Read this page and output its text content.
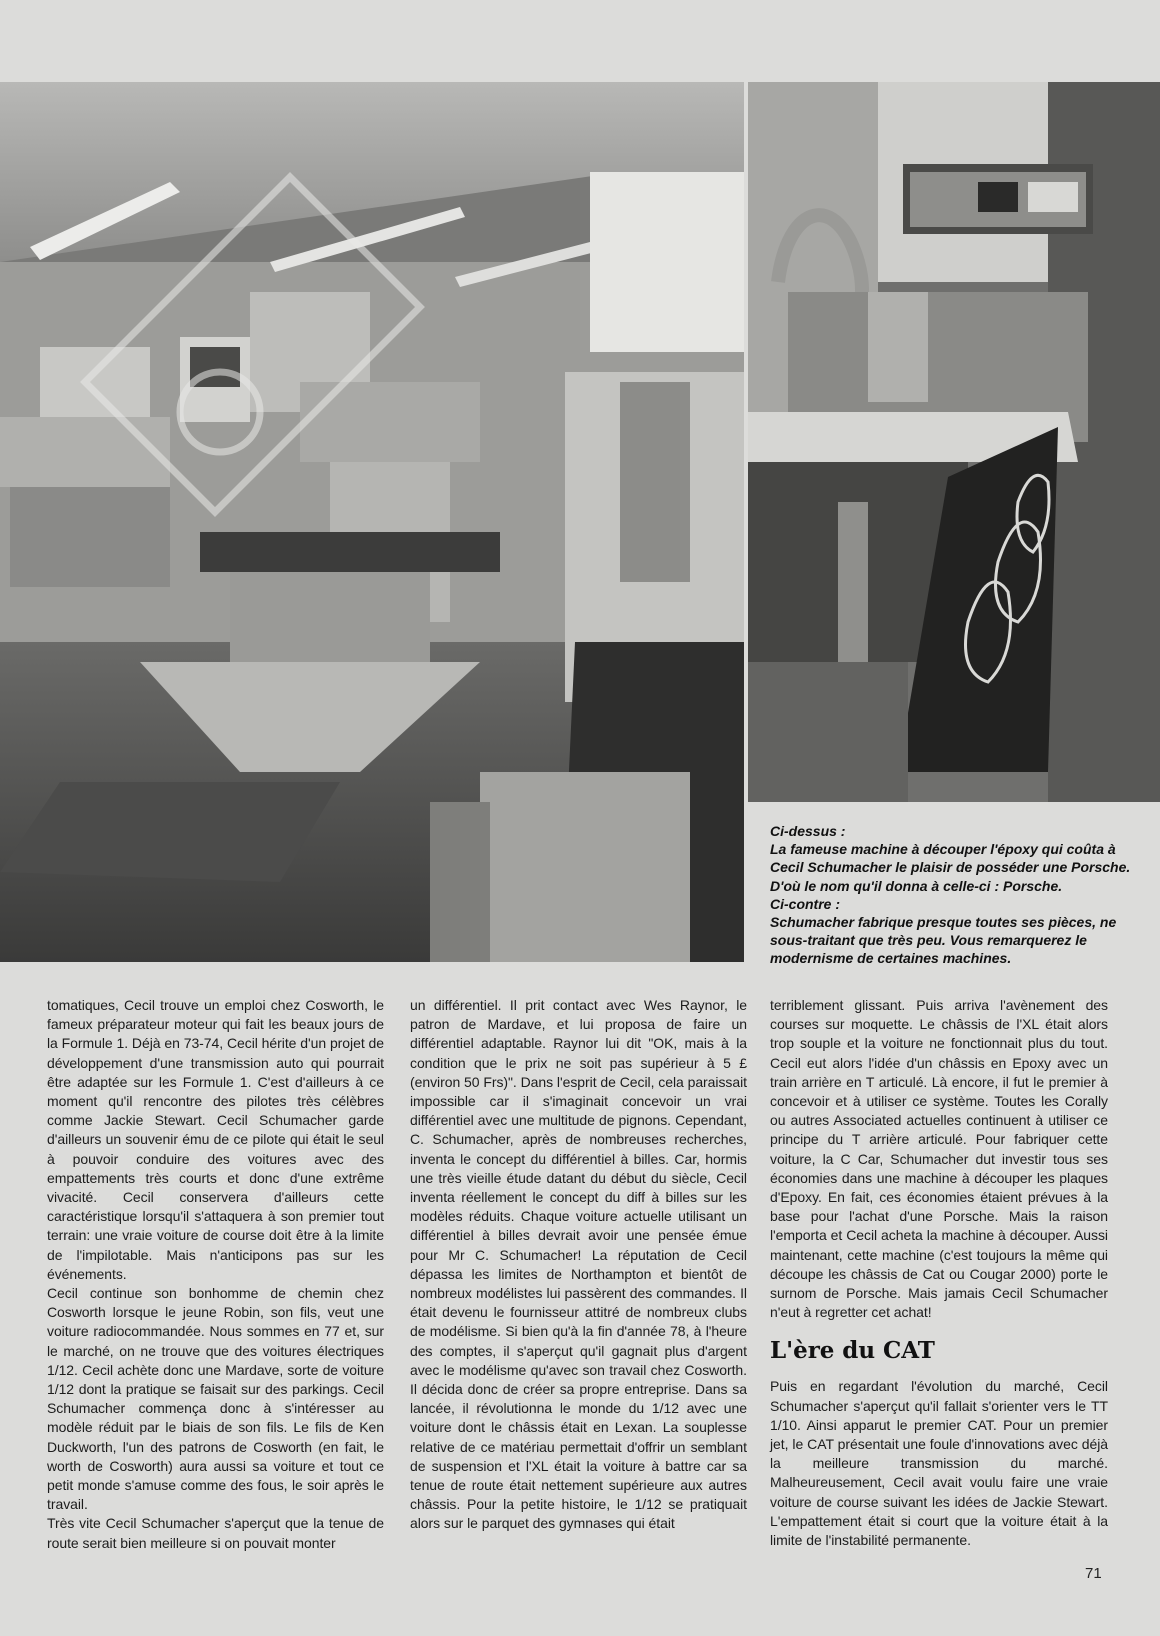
Ci-dessus :

La fameuse machine à découper l'époxy qui coûta à Cecil Schumacher le plaisir de posséder une Porsche. D'où le nom qu'il donna à celle-ci : Porsche.

Ci-contre :

Schumacher fabrique presque toutes ses pièces, ne sous-traitant que très peu. Vous remarquerez le modernisme de certaines machines.

tomatiques, Cecil trouve un emploi chez Cosworth, le fameux préparateur moteur qui fait les beaux jours de la Formule 1. Déjà en 73-74, Cecil hérite d'un projet de développement d'une transmission auto qui pourrait être adaptée sur les Formule 1. C'est d'ailleurs à ce moment qu'il rencontre des pilotes très célèbres comme Jackie Stewart. Cecil Schumacher garde d'ailleurs un souvenir ému de ce pilote qui était le seul à pouvoir conduire des voitures avec des empattements très courts et donc d'une extrême vivacité. Cecil conservera d'ailleurs cette caractéristique lorsqu'il s'attaquera à son premier tout terrain: une vraie voiture de course doit être à la limite de l'impilotable. Mais n'anticipons pas sur les événements.

Cecil continue son bonhomme de chemin chez Cosworth lorsque le jeune Robin, son fils, veut une voiture radiocommandée. Nous sommes en 77 et, sur le marché, on ne trouve que des voitures électriques 1/12. Cecil achète donc une Mardave, sorte de voiture 1/12 dont la pratique se faisait sur des parkings. Cecil Schumacher commença donc à s'intéresser au modèle réduit par le biais de son fils. Le fils de Ken Duckworth, l'un des patrons de Cosworth (en fait, le worth de Cosworth) aura aussi sa voiture et tout ce petit monde s'amuse comme des fous, le soir après le travail.

Très vite Cecil Schumacher s'aperçut que la tenue de route serait bien meilleure si on pouvait monter

un différentiel. Il prit contact avec Wes Raynor, le patron de Mardave, et lui proposa de faire un différentiel adaptable. Raynor lui dit "OK, mais à la condition que le prix ne soit pas supérieur à 5 £ (environ 50 Frs)". Dans l'esprit de Cecil, cela paraissait impossible car il s'imaginait concevoir un vrai différentiel avec une multitude de pignons. Cependant, C. Schumacher, après de nombreuses recherches, inventa le concept du différentiel à billes. Car, hormis une très vieille étude datant du début du siècle, Cecil inventa réellement le concept du diff à billes sur les modèles réduits. Chaque voiture actuelle utilisant un différentiel à billes devrait avoir une pensée émue pour Mr C. Schumacher! La réputation de Cecil dépassa les limites de Northampton et bientôt de nombreux modélistes lui passèrent des commandes. Il était devenu le fournisseur attitré de nombreux clubs de modélisme. Si bien qu'à la fin d'année 78, à l'heure des comptes, il s'aperçut qu'il gagnait plus d'argent avec le modélisme qu'avec son travail chez Cosworth. Il décida donc de créer sa propre entreprise. Dans sa lancée, il révolutionna le monde du 1/12 avec une voiture dont le châssis était en Lexan. La souplesse relative de ce matériau permettait d'offrir un semblant de suspension et l'XL était la voiture à battre car sa tenue de route était nettement supérieure aux autres châssis. Pour la petite histoire, le 1/12 se pratiquait alors sur le parquet des gymnases qui était

terriblement glissant. Puis arriva l'avènement des courses sur moquette. Le châssis de l'XL était alors trop souple et la voiture ne fonctionnait plus du tout. Cecil eut alors l'idée d'un châssis en Epoxy avec un train arrière en T articulé. Là encore, il fut le premier à concevoir et à utiliser ce système. Toutes les Corally ou autres Associated actuelles continuent à utiliser ce principe du T arrière articulé. Pour fabriquer cette voiture, la C Car, Schumacher dut investir tous ses économies dans une machine à découper les plaques d'Epoxy. En fait, ces économies étaient prévues à la base pour l'achat d'une Porsche. Mais la raison l'emporta et Cecil acheta la machine à découper. Aussi maintenant, cette machine (c'est toujours la même qui découpe les châssis de Cat ou Cougar 2000) porte le surnom de Porsche. Mais jamais Cecil Schumacher n'eut à regretter cet achat!

L'ère du CAT

Puis en regardant l'évolution du marché, Cecil Schumacher s'aperçut qu'il fallait s'orienter vers le TT 1/10. Ainsi apparut le premier CAT. Pour un premier jet, le CAT présentait une foule d'innovations avec déjà la meilleure transmission du marché. Malheureusement, Cecil avait voulu faire une vraie voiture de course suivant les idées de Jackie Stewart. L'empattement était si court que la voiture était à la limite de l'instabilité permanente.

71
